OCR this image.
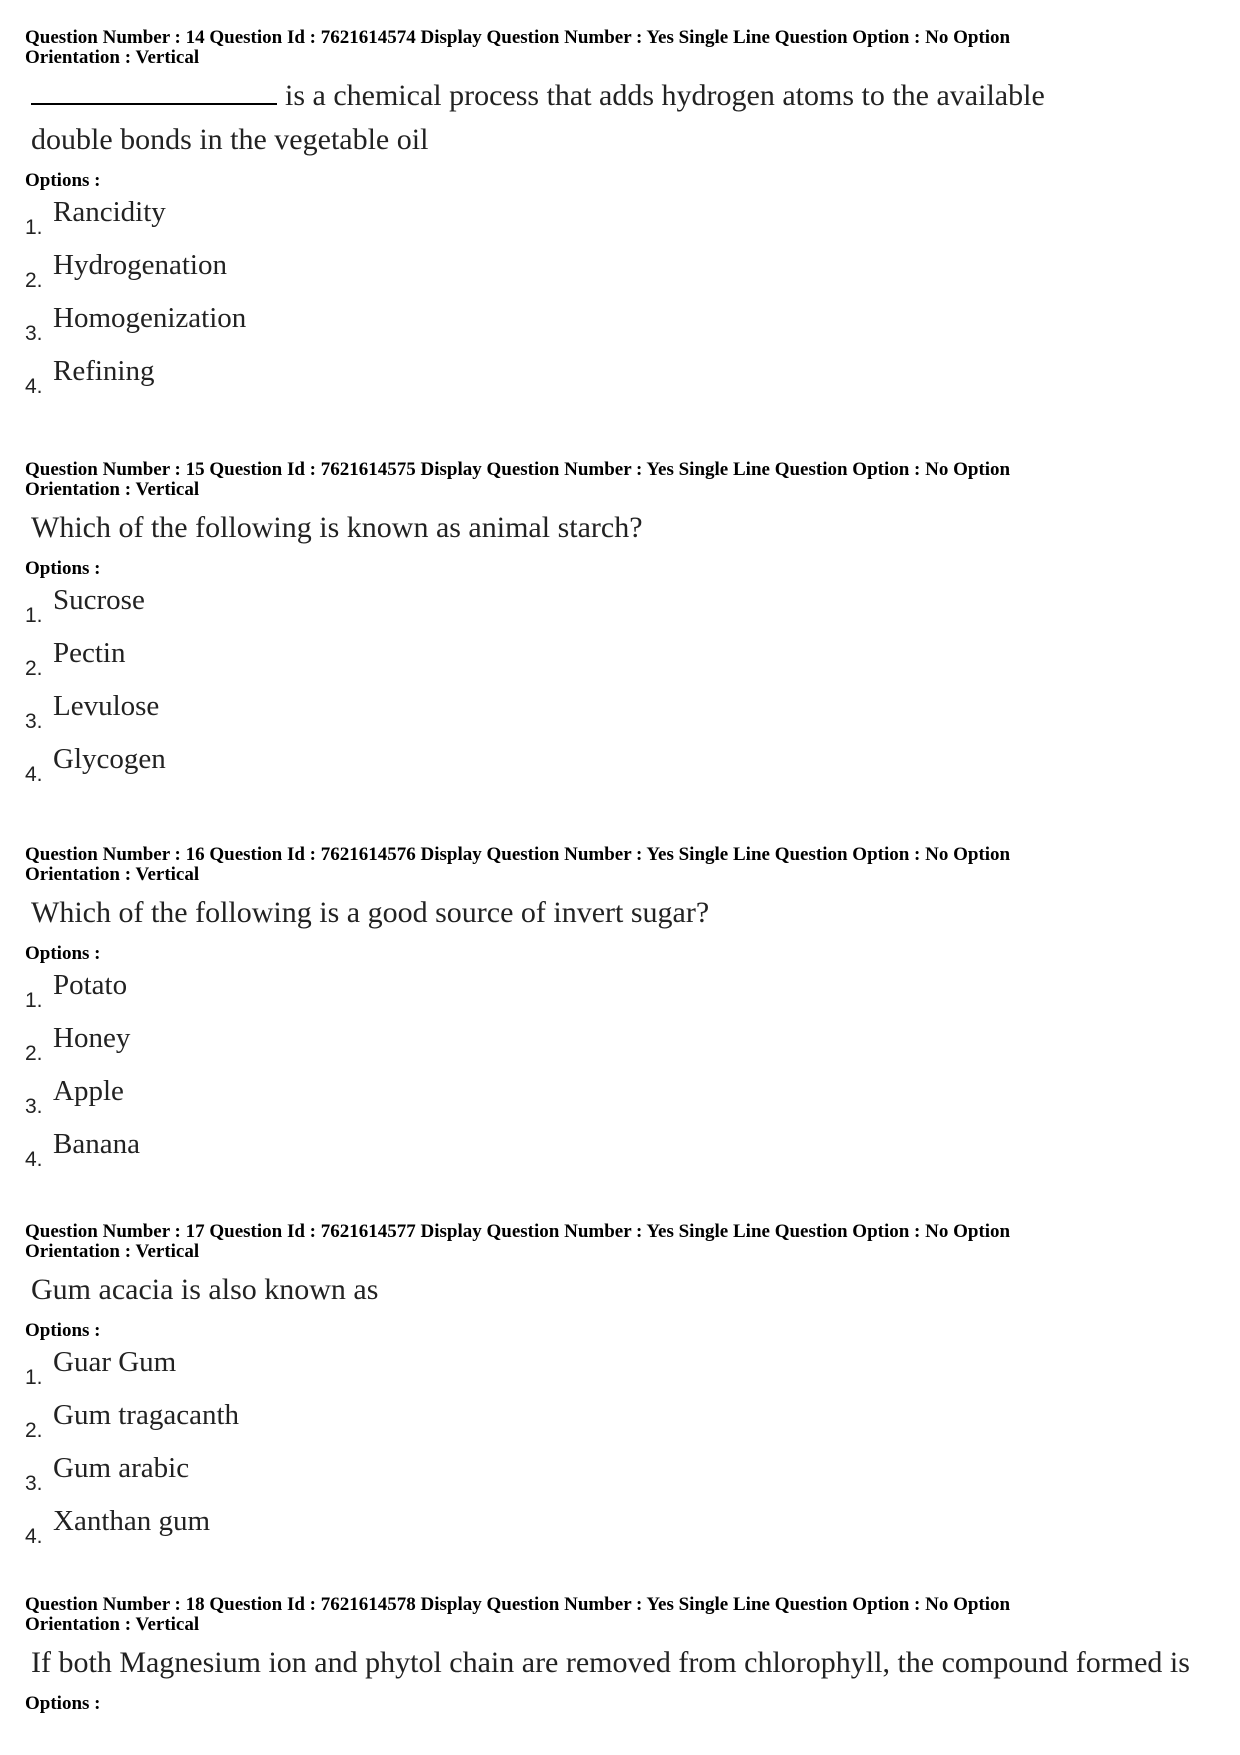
Question Number : 14 Question Id : 7621614574 Display Question Number : Yes Single Line Question Option : No Option

Orientation : Vertical

is a chemical process that adds hydrogen atoms to the available
double bonds in the vegetable oil
Options :
1. Rancidity
2. Hydrogenation
3. Homogenization
4. Refining

Question Number : 15 Question Id : 7621614575 Display Question Number : Yes Single Line Question Option : No Option

Orientation : Vertical

Which of the following is known as animal starch?
Options :
1. Sucrose
2. Pectin
3. Levulose
4. Glycogen

Question Number : 16 Question Id : 7621614576 Display Question Number : Yes Single Line Question Option : No Option

Orientation : Vertical

Which of the following is a good source of invert sugar?
Options :
1. Potato
2. Honey
3. Apple
4. Banana

Question Number : 17 Question Id : 7621614577 Display Question Number : Yes Single Line Question Option : No Option

Orientation : Vertical

Gum acacia is also known as
Options :
1. Guar Gum
2. Gum tragacanth
3. Gum arabic
4. Xanthan gum

Question Number : 18 Question Id : 7621614578 Display Question Number : Yes Single Line Question Option : No Option

Orientation : Vertical

If both Magnesium ion and phytol chain are removed from chlorophyll, the compound formed is
Options :
